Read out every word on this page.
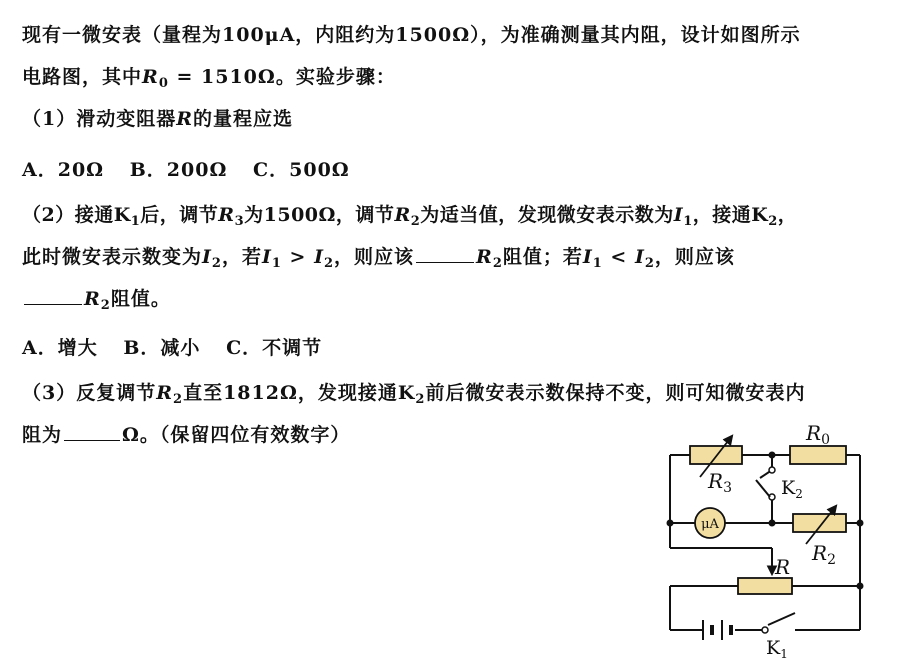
现有一微安表（量程为100μA，内阻约为1500Ω），为准确测量其内阻，设计如图所示
电路图，其中$R_0 = 1510\Omega$。实验步骤：
（1）滑动变阻器R的量程应选
A．20Ω B．200Ω C．500Ω
（2）接通$K_1$后，调节$R_3$为1500Ω，调节$R_2$为适当值，发现微安表示数为$I_1$，接通$K_2$，
此时微安表示数变为$I_2$，若$I_1 > I_2$，则应该	$R_2$阻值；若$I_1 < I_2$，则应该
$R_2$阻值。
A．增大 B．减小 C．不调节
（3）反复调节$R_2$直至1812Ω，发现接通$K_2$前后微安表示数保持不变，则可知微安表内
阻为	Ω。（保留四位有效数字）
μA
$R_0$
$R_3$
$R_2$
R
$K_2$
$K_1$
